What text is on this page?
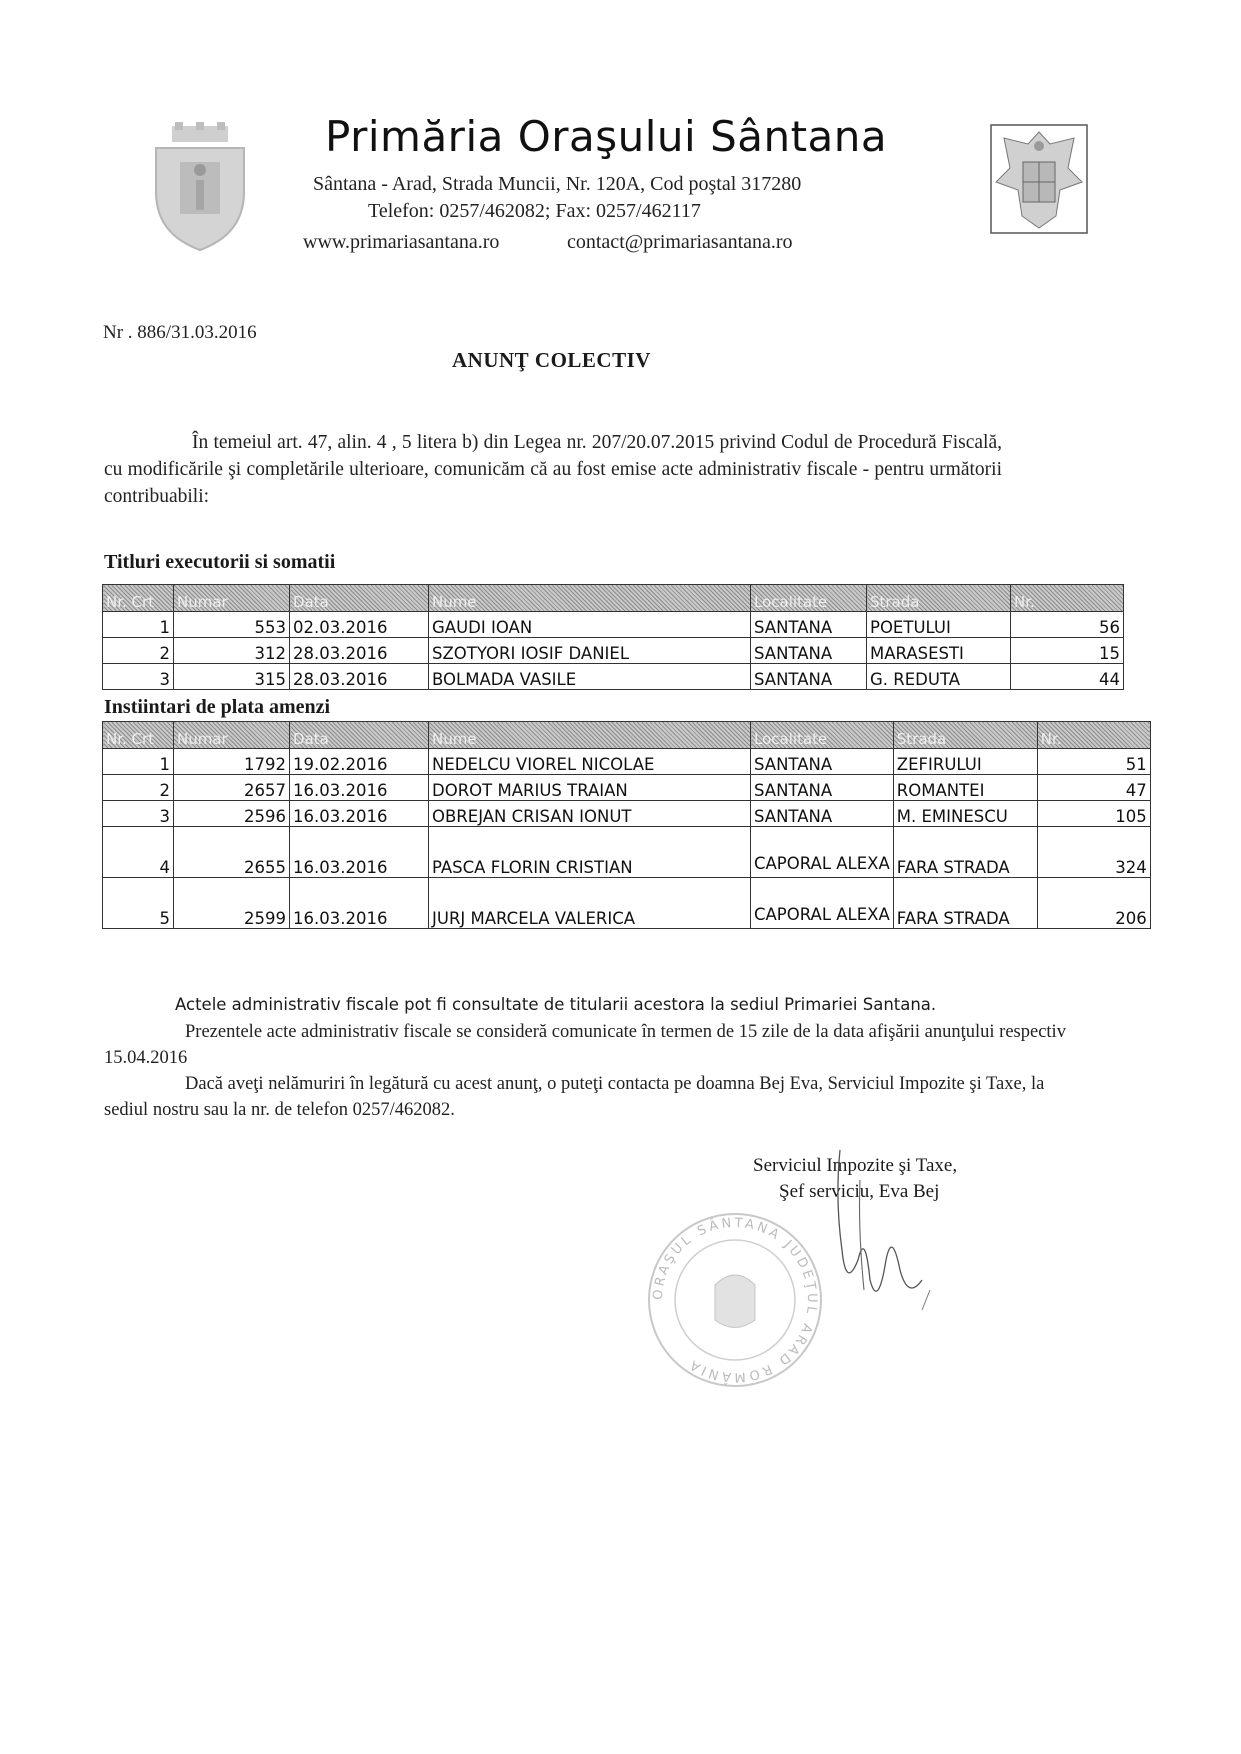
Primăria Oraşului Sântana
Sântana - Arad, Strada Muncii, Nr. 120A, Cod poştal 317280
Telefon: 0257/462082; Fax: 0257/462117
www.primariasantana.ro	contact@primariasantana.ro
Nr . 886/31.03.2016
ANUNŢ COLECTIV
În temeiul art. 47, alin. 4 , 5 litera b) din Legea nr. 207/20.07.2015 privind Codul de Procedură Fiscală, cu modificările şi completările ulterioare, comunicăm că au fost emise acte administrativ fiscale - pentru următorii contribuabili:
Titluri executorii si somatii
Nr. Crt	Numar	Data	Nume	Localitate	Strada	Nr.
1	553	02.03.2016	GAUDI IOAN	SANTANA	POETULUI	56
2	312	28.03.2016	SZOTYORI IOSIF DANIEL	SANTANA	MARASESTI	15
3	315	28.03.2016	BOLMADA VASILE	SANTANA	G. REDUTA	44
Instiintari de plata amenzi
Nr. Crt	Numar	Data	Nume	Localitate	Strada	Nr.
1	1792	19.02.2016	NEDELCU VIOREL NICOLAE	SANTANA	ZEFIRULUI	51
2	2657	16.03.2016	DOROT MARIUS TRAIAN	SANTANA	ROMANTEI	47
3	2596	16.03.2016	OBREJAN CRISAN IONUT	SANTANA	M. EMINESCU	105
4	2655	16.03.2016	PASCA FLORIN CRISTIAN	CAPORAL ALEXA	FARA STRADA	324
5	2599	16.03.2016	JURJ MARCELA VALERICA	CAPORAL ALEXA	FARA STRADA	206
Actele administrativ fiscale pot fi consultate de titularii acestora la sediul Primariei Santana.
Prezentele acte administrativ fiscale se consideră comunicate în termen de 15 zile de la data afişării anunţului respectiv 15.04.2016
Dacă aveţi nelămuriri în legătură cu acest anunţ, o puteţi contacta pe doamna Bej Eva, Serviciul Impozite şi Taxe, la sediul nostru sau la nr. de telefon 0257/462082.
Serviciul Impozite şi Taxe,
Şef serviciu, Eva Bej
ORAŞUL SÂNTANA JUDEŢUL ARAD ROMÂNIA
